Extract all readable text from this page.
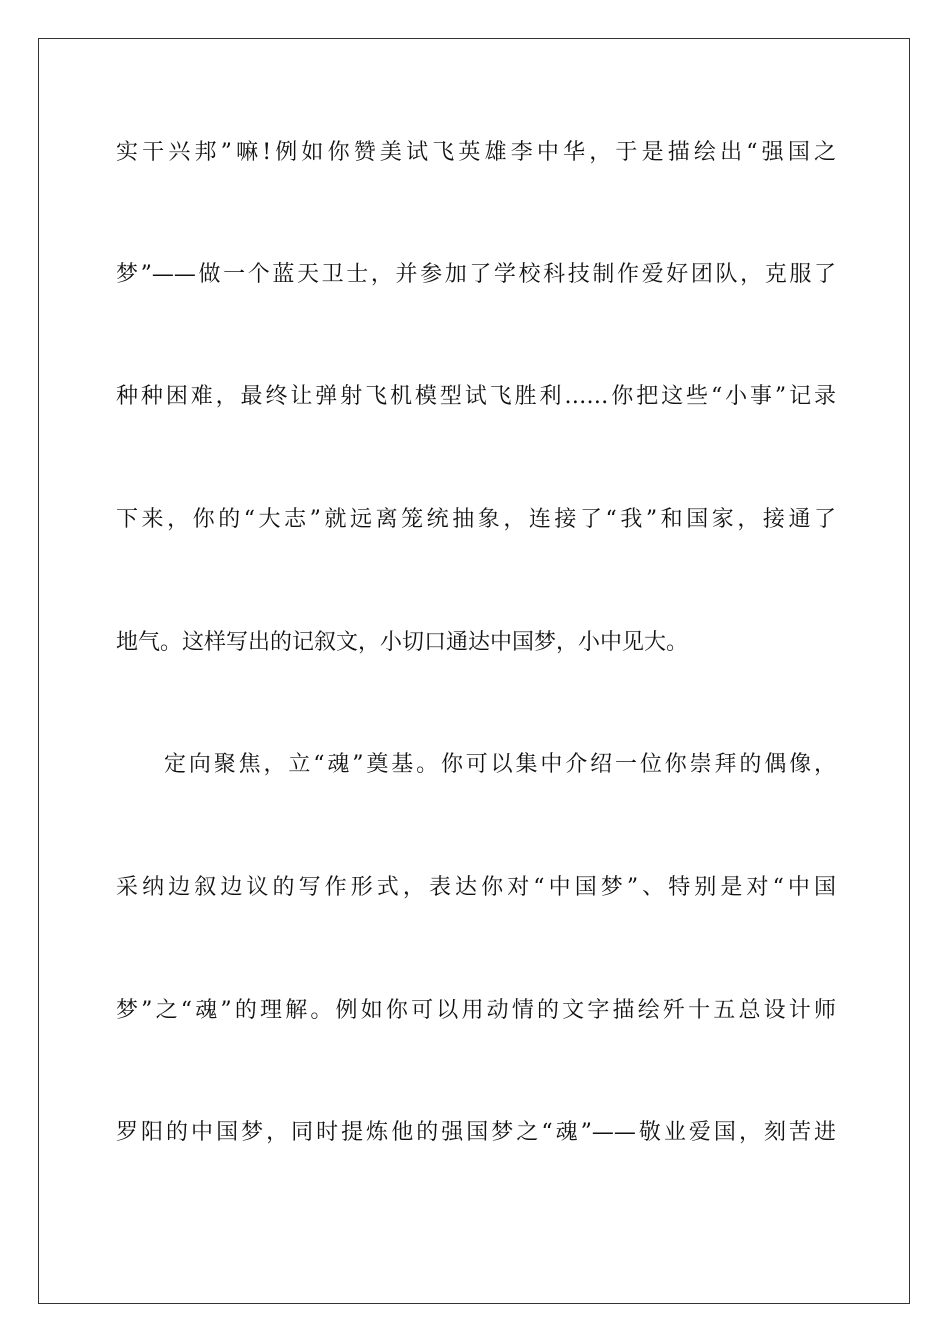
实干兴邦”嘛!例如你赞美试飞英雄李中华，于是描绘出“强国之
梦”——做一个蓝天卫士，并参加了学校科技制作爱好团队，克服了
种种困难，最终让弹射飞机模型试飞胜利……你把这些“小事”记录
下来，你的“大志”就远离笼统抽象，连接了“我”和国家，接通了
地气。这样写出的记叙文，小切口通达中国梦，小中见大。
定向聚焦，立“魂”奠基。你可以集中介绍一位你崇拜的偶像，
采纳边叙边议的写作形式，表达你对“中国梦”、特别是对“中国
梦”之“魂”的理解。例如你可以用动情的文字描绘歼十五总设计师
罗阳的中国梦，同时提炼他的强国梦之“魂”——敬业爱国，刻苦进
